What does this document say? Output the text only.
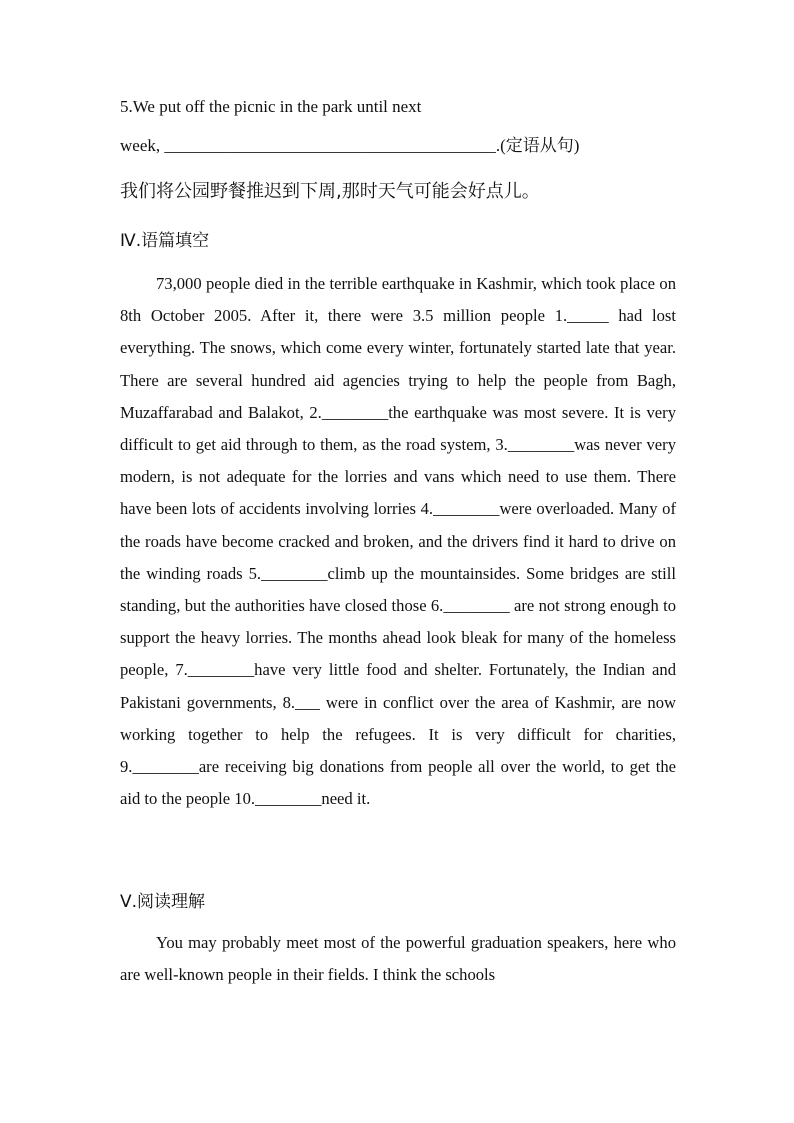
5.We put off the picnic in the park until next
week, _______________________________________.(定语从句)
我们将公园野餐推迟到下周,那时天气可能会好点儿。
Ⅳ.语篇填空
73,000 people died in the terrible earthquake in Kashmir, which took place on 8th October 2005. After it, there were 3.5 million people 1._____ had lost everything. The snows, which come every winter, fortunately started late that year. There are several hundred aid agencies trying to help the people from Bagh, Muzaffarabad and Balakot, 2.________the earthquake was most severe. It is very difficult to get aid through to them, as the road system, 3.________was never very modern, is not adequate for the lorries and vans which need to use them. There have been lots of accidents involving lorries 4.________were overloaded. Many of the roads have become cracked and broken, and the drivers find it hard to drive on the winding roads 5.________climb up the mountainsides. Some bridges are still standing, but the authorities have closed those 6.________ are not strong enough to support the heavy lorries. The months ahead look bleak for many of the homeless people, 7.________have very little food and shelter. Fortunately, the Indian and Pakistani governments, 8.___ were in conflict over the area of Kashmir, are now working together to help the refugees. It is very difficult for charities, 9.________are receiving big donations from people all over the world, to get the aid to the people 10.________need it.
Ⅴ.阅读理解
You may probably meet most of the powerful graduation speakers, here who are well-known people in their fields. I think the schools
